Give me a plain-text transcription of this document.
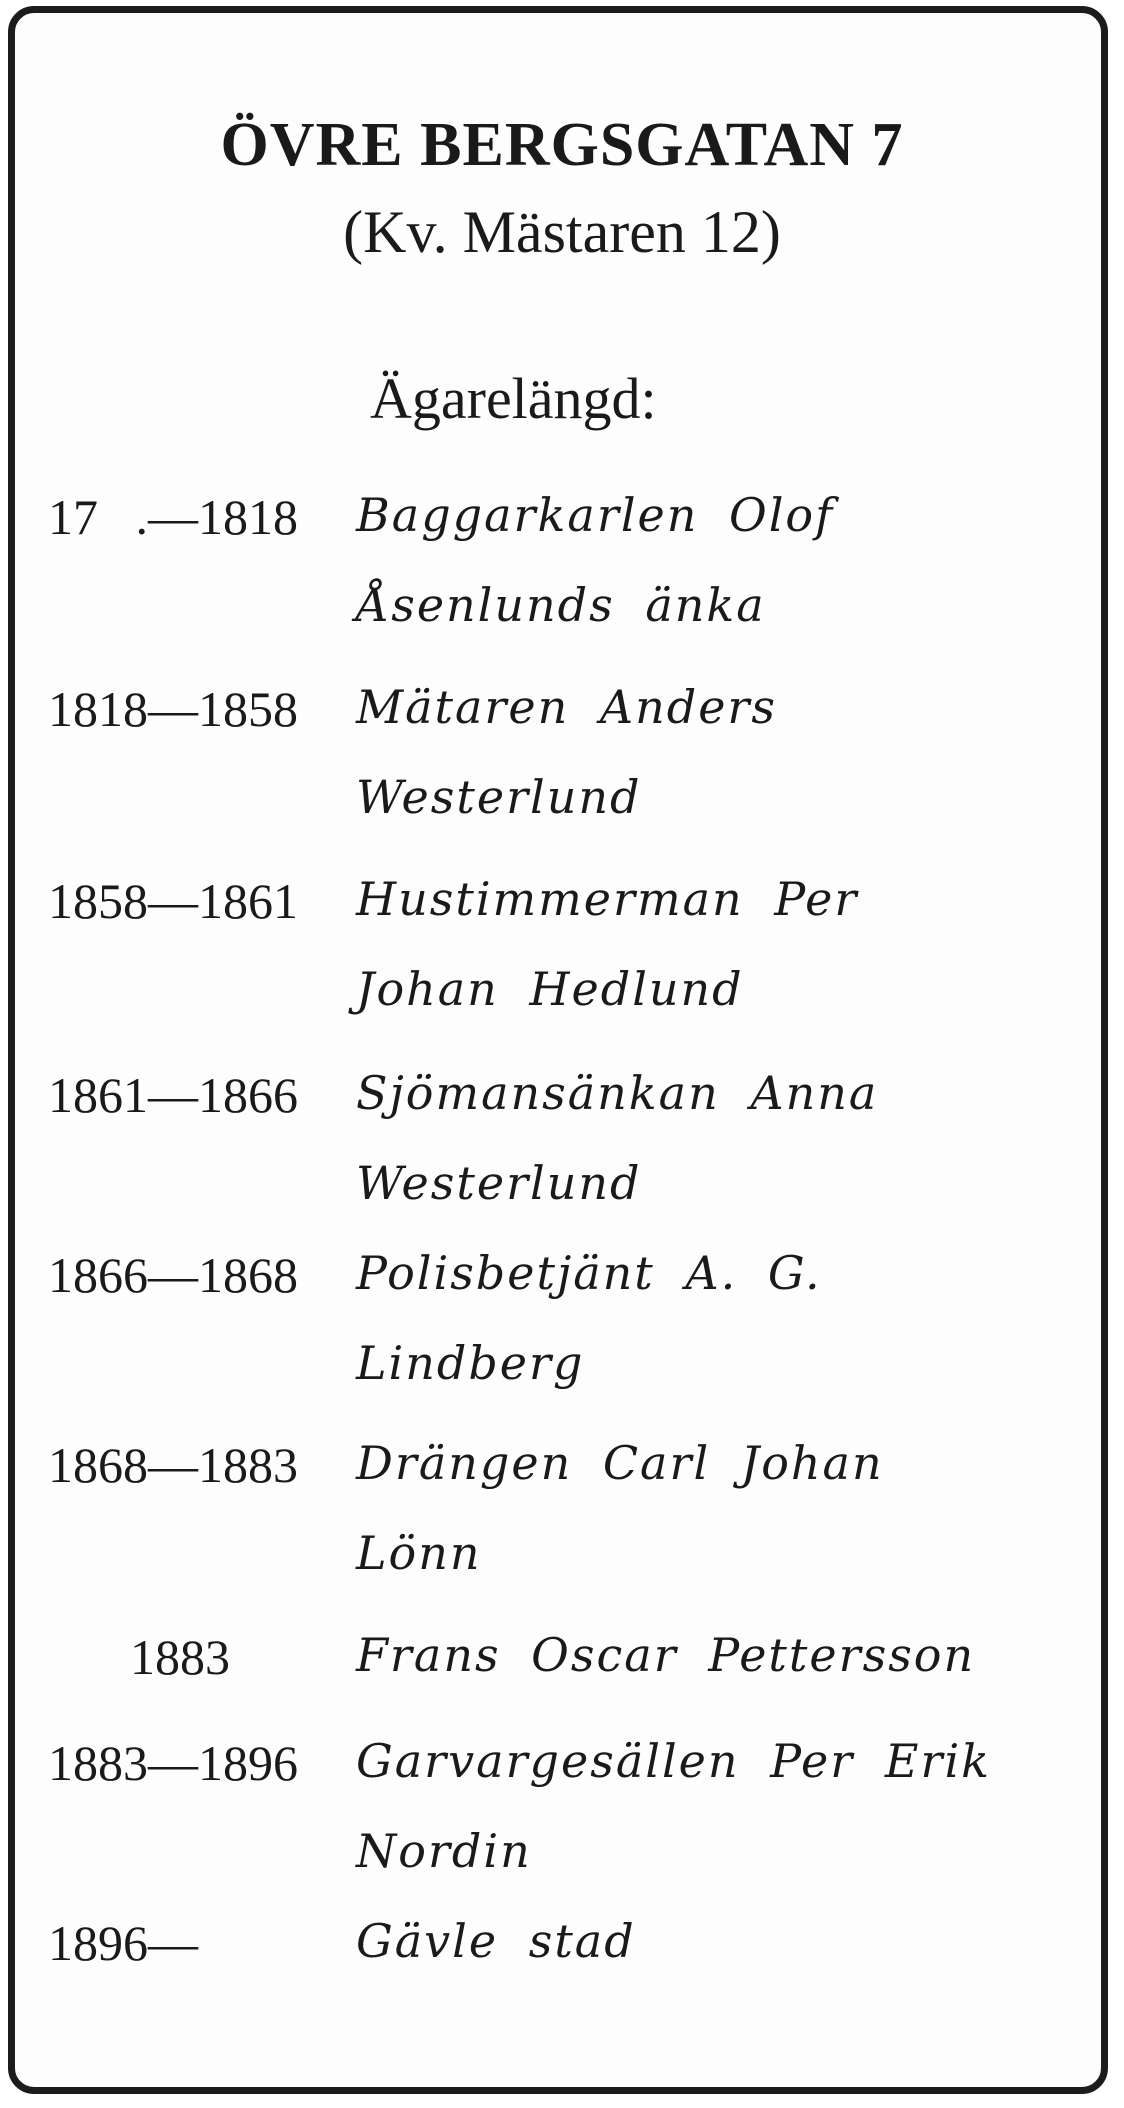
ÖVRE BERGSGATAN 7
(Kv. Mästaren 12)
Ägarelängd:
17   .—1818 Baggarkarlen Olof
Åsenlunds änka
1818—1858 Mätaren Anders
Westerlund
1858—1861 Hustimmerman Per
Johan Hedlund
1861—1866 Sjömansänkan Anna
Westerlund
1866—1868 Polisbetjänt A. G.
Lindberg
1868—1883 Drängen Carl Johan
Lönn
1883	Frans Oscar Pettersson
1883—1896 Garvargesällen Per Erik
Nordin
1896—	Gävle stad
